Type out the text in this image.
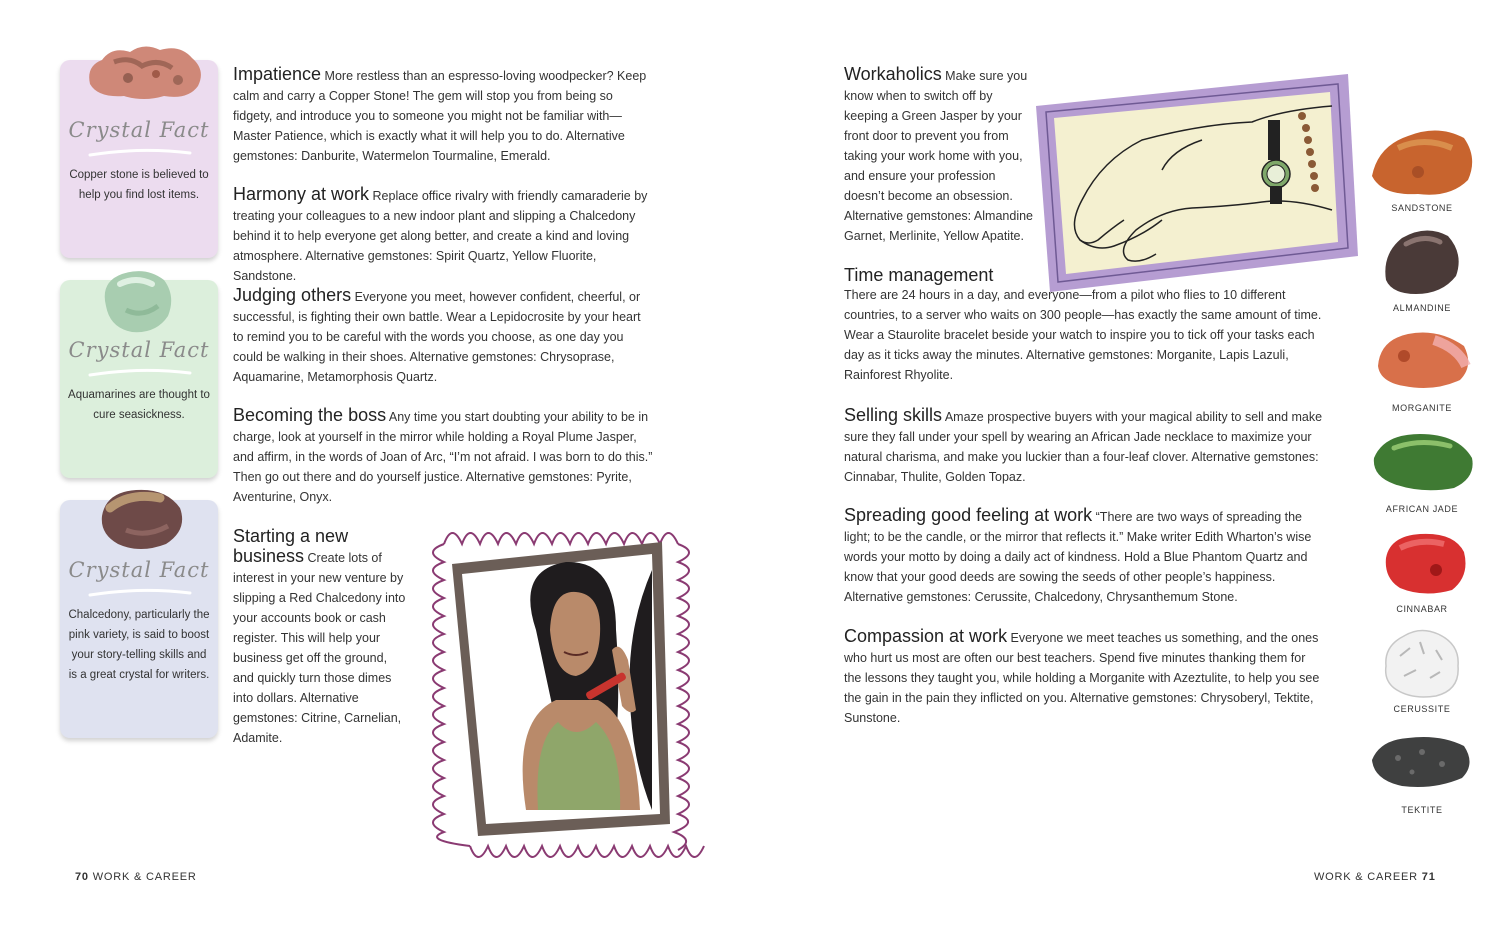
Crystal Fact
Copper stone is believed to help you find lost items.
Crystal Fact
Aquamarines are thought to cure seasickness.
Crystal Fact
Chalcedony, particularly the pink variety, is said to boost your story-telling skills and is a great crystal for writers.

Impatience More restless than an espresso-loving woodpecker? Keep calm and carry a Copper Stone! The gem will stop you from being so fidgety, and introduce you to someone you might not be familiar with—Master Patience, which is exactly what it will help you to do. Alternative gemstones: Danburite, Watermelon Tourmaline, Emerald.

Harmony at work Replace office rivalry with friendly camaraderie by treating your colleagues to a new indoor plant and slipping a Chalcedony behind it to help everyone get along better, and create a kind and loving atmosphere. Alternative gemstones: Spirit Quartz, Yellow Fluorite, Sandstone.

Judging others Everyone you meet, however confident, cheerful, or successful, is fighting their own battle. Wear a Lepidocrosite by your heart to remind you to be careful with the words you choose, as one day you could be walking in their shoes. Alternative gemstones: Chrysoprase, Aquamarine, Metamorphosis Quartz.

Becoming the boss Any time you start doubting your ability to be in charge, look at yourself in the mirror while holding a Royal Plume Jasper, and affirm, in the words of Joan of Arc, “I’m not afraid. I was born to do this.” Then go out there and do yourself justice. Alternative gemstones: Pyrite, Aventurine, Onyx.

Starting a new
business Create lots of interest in your new venture by slipping a Red Chalcedony into your accounts book or cash register. This will help your business get off the ground, and quickly turn those dimes into dollars. Alternative gemstones: Citrine, Carnelian, Adamite.

Workaholics Make sure you know when to switch off by keeping a Green Jasper by your front door to prevent you from taking your work home with you, and ensure your profession doesn’t become an obsession. Alternative gemstones: Almandine Garnet, Merlinite, Yellow Apatite.

Time management
There are 24 hours in a day, and everyone—from a pilot who flies to 10 different countries, to a server who waits on 300 people—has exactly the same amount of time. Wear a Staurolite bracelet beside your watch to inspire you to tick off your tasks each day as it ticks away the minutes. Alternative gemstones: Morganite, Lapis Lazuli, Rainforest Rhyolite.

Selling skills Amaze prospective buyers with your magical ability to sell and make sure they fall under your spell by wearing an African Jade necklace to maximize your natural charisma, and make you luckier than a four-leaf clover. Alternative gemstones: Cinnabar, Thulite, Golden Topaz.

Spreading good feeling at work “There are two ways of spreading the light; to be the candle, or the mirror that reflects it.” Make writer Edith Wharton’s wise words your motto by doing a daily act of kindness. Hold a Blue Phantom Quartz and know that your good deeds are sowing the seeds of other people’s happiness. Alternative gemstones: Cerussite, Chalcedony, Chrysanthemum Stone.

Compassion at work Everyone we meet teaches us something, and the ones who hurt us most are often our best teachers. Spend five minutes thanking them for the lessons they taught you, while holding a Morganite with Azeztulite, to help you see the gain in the pain they inflicted on you. Alternative gemstones: Chrysoberyl, Tektite, Sunstone.

SANDSTONE
ALMANDINE
MORGANITE
AFRICAN JADE
CINNABAR
CERUSSITE
TEKTITE
70 WORK & CAREER	WORK & CAREER 71
